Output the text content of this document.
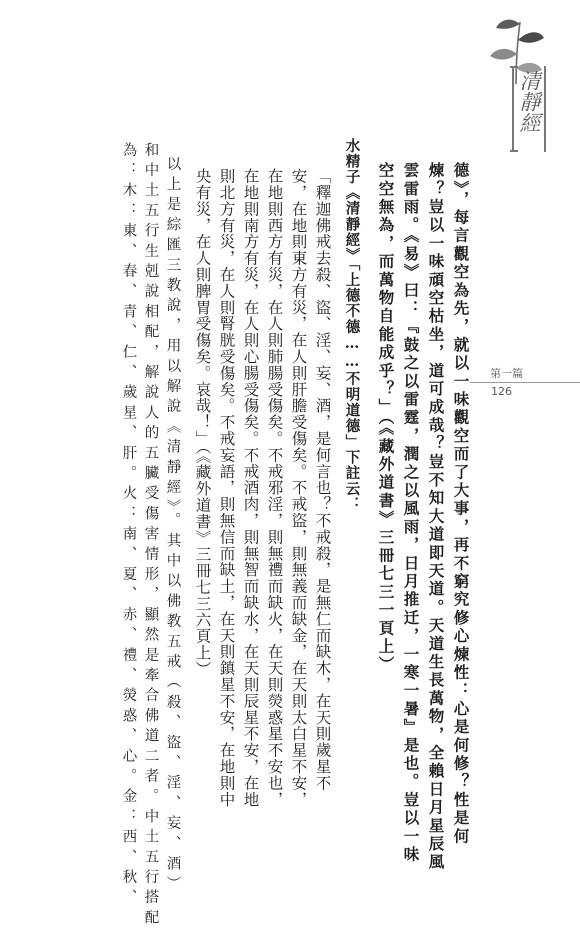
清靜經
第一篇
126
德》，每言觀空為先，就以一味觀空而了大事，再不窮究修心煉性：心是何修？性是何
煉？豈以一味頑空枯坐，道可成哉？豈不知大道即天道。天道生長萬物，全賴日月星辰風
雲雷雨。《易》曰：『鼓之以雷霆，潤之以風雨，日月推迁，一寒一暑』是也。豈以一味
空空無為，而萬物自能成乎？」（《藏外道書》三冊七三一頁上）
水精子《清靜經》「上德不德……不明道德」下註云：
「釋迦佛戒去殺、盜、淫、妄、酒，是何言也？不戒殺，是無仁而缺木，在天則歲星不
安，在地則東方有災，在人則肝膽受傷矣。不戒盜，則無義而缺金，在天則太白星不安，
在地則西方有災，在人則肺腸受傷矣。不戒邪淫，則無禮而缺火，在天則熒惑星不安也，
在地則南方有災，在人則心腸受傷矣。不戒酒肉，則無智而缺水，在天則辰星不安，在地
則北方有災，在人則腎胱受傷矣。不戒妄語，則無信而缺土，在天則鎮星不安，在地則中
央有災，在人則脾胃受傷矣。哀哉！」（《藏外道書》三冊七三六頁上）
以上是綜匯三教說，用以解說《清靜經》。其中以佛教五戒（殺、盜、淫、妄、酒）
和中土五行生剋說相配，解說人的五臟受傷害情形，顯然是牽合佛道二者。中土五行搭配
為：木：東、春、青、仁、歲星、肝。火：南、夏、赤、禮、熒惑、心。金：西、秋、
